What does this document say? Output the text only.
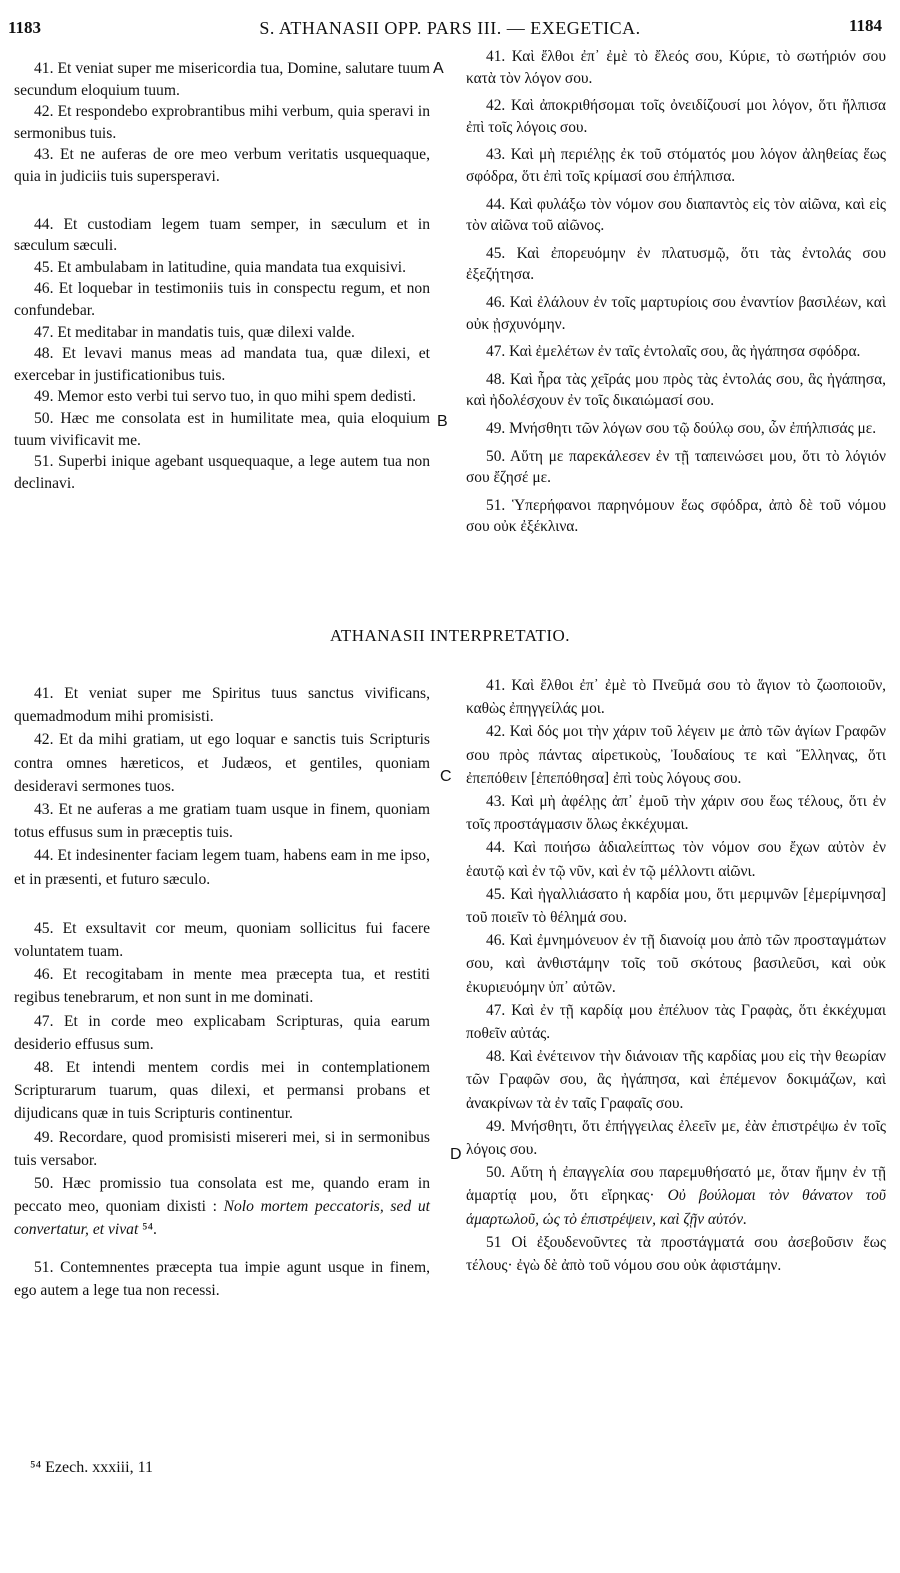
1183	S. ATHANASII OPP. PARS III. — EXEGETICA.	1184

41. Et veniat super me misericordia tua, Domine, salutare tuum secundum eloquium tuum.

42. Et respondebo exprobrantibus mihi verbum, quia speravi in sermonibus tuis.

43. Et ne auferas de ore meo verbum veritatis usquequaque, quia in judiciis tuis supersperavi.

44. Et custodiam legem tuam semper, in sæculum et in sæculum sæculi.

45. Et ambulabam in latitudine, quia mandata tua exquisivi.

46. Et loquebar in testimoniis tuis in conspectu regum, et non confundebar.

47. Et meditabar in mandatis tuis, quæ dilexi valde.

48. Et levavi manus meas ad mandata tua, quæ dilexi, et exercebar in justificationibus tuis.

49. Memor esto verbi tui servo tuo, in quo mihi spem dedisti.

50. Hæc me consolata est in humilitate mea, quia eloquium tuum vivificavit me.

51. Superbi inique agebant usquequaque, a lege autem tua non declinavi.

41. Καὶ ἔλθοι ἐπ᾿ ἐμὲ τὸ ἔλεός σου, Κύριε, τὸ σωτήριόν σου κατὰ τὸν λόγον σου.

42. Καὶ ἀποκριθήσομαι τοῖς ὀνειδίζουσί μοι λόγον, ὅτι ἤλπισα ἐπὶ τοῖς λόγοις σου.

43. Καὶ μὴ περιέλῃς ἐκ τοῦ στόματός μου λόγον ἀληθείας ἕως σφόδρα, ὅτι ἐπὶ τοῖς κρίμασί σου ἐπήλπισα.

44. Καὶ φυλάξω τὸν νόμον σου διαπαντὸς εἰς τὸν αἰῶνα, καὶ εἰς τὸν αἰῶνα τοῦ αἰῶνος.

45. Καὶ ἐπορευόμην ἐν πλατυσμῷ, ὅτι τὰς ἐντολάς σου ἐξεζήτησα.

46. Καὶ ἐλάλουν ἐν τοῖς μαρτυρίοις σου ἐναντίον βασιλέων, καὶ οὐκ ᾐσχυνόμην.

47. Καὶ ἐμελέτων ἐν ταῖς ἐντολαῖς σου, ἃς ἠγάπησα σφόδρα.

48. Καὶ ἦρα τὰς χεῖράς μου πρὸς τὰς ἐντολάς σου, ἃς ἠγάπησα, καὶ ἠδολέσχουν ἐν τοῖς δικαιώμασί σου.

49. Μνήσθητι τῶν λόγων σου τῷ δούλῳ σου, ὧν ἐπήλπισάς με.

50. Αὕτη με παρεκάλεσεν ἐν τῇ ταπεινώσει μου, ὅτι τὸ λόγιόν σου ἔζησέ με.

51. Ὑπερήφανοι παρηνόμουν ἕως σφόδρα, ἀπὸ δὲ τοῦ νόμου σου οὐκ ἐξέκλινα.

A
B
ATHANASII INTERPRETATIO.

41. Et veniat super me Spiritus tuus sanctus vivificans, quemadmodum mihi promisisti.

42. Et da mihi gratiam, ut ego loquar e sanctis tuis Scripturis contra omnes hæreticos, et Judæos, et gentiles, quoniam desideravi sermones tuos.

43. Et ne auferas a me gratiam tuam usque in finem, quoniam totus effusus sum in præceptis tuis.

44. Et indesinenter faciam legem tuam, habens eam in me ipso, et in præsenti, et futuro sæculo.

45. Et exsultavit cor meum, quoniam sollicitus fui facere voluntatem tuam.

46. Et recogitabam in mente mea præcepta tua, et restiti regibus tenebrarum, et non sunt in me dominati.

47. Et in corde meo explicabam Scripturas, quia earum desiderio effusus sum.

48. Et intendi mentem cordis mei in contemplationem Scripturarum tuarum, quas dilexi, et permansi probans et dijudicans quæ in tuis Scripturis continentur.

49. Recordare, quod promisisti misereri mei, si in sermonibus tuis versabor.

50. Hæc promissio tua consolata est me, quando eram in peccato meo, quoniam dixisti : Nolo mortem peccatoris, sed ut convertatur, et vivat ⁵⁴.

51. Contemnentes præcepta tua impie agunt usque in finem, ego autem a lege tua non recessi.

41. Καὶ ἔλθοι ἐπ᾿ ἐμὲ τὸ Πνεῦμά σου τὸ ἅγιον τὸ ζωοποιοῦν, καθὼς ἐπηγγείλάς μοι.

42. Καὶ δός μοι τὴν χάριν τοῦ λέγειν με ἀπὸ τῶν ἁγίων Γραφῶν σου πρὸς πάντας αἱρετικοὺς, Ἰουδαίους τε καὶ Ἕλληνας, ὅτι ἐπεπόθειν [ἐπεπόθησα] ἐπὶ τοὺς λόγους σου.

43. Καὶ μὴ ἀφέλῃς ἀπ᾿ ἐμοῦ τὴν χάριν σου ἕως τέλους, ὅτι ἐν τοῖς προστάγμασιν ὅλως ἐκκέχυμαι.

44. Καὶ ποιήσω ἀδιαλείπτως τὸν νόμον σου ἔχων αὐτὸν ἐν ἑαυτῷ καὶ ἐν τῷ νῦν, καὶ ἐν τῷ μέλλοντι αἰῶνι.

45. Καὶ ἠγαλλιάσατο ἡ καρδία μου, ὅτι μεριμνῶν [ἐμερίμνησα] τοῦ ποιεῖν τὸ θέλημά σου.

46. Καὶ ἐμνημόνευον ἐν τῇ διανοίᾳ μου ἀπὸ τῶν προσταγμάτων σου, καὶ ἀνθιστάμην τοῖς τοῦ σκότους βασιλεῦσι, καὶ οὐκ ἐκυριευόμην ὑπ᾿ αὐτῶν.

47. Καὶ ἐν τῇ καρδίᾳ μου ἐπέλυον τὰς Γραφὰς, ὅτι ἐκκέχυμαι ποθεῖν αὐτάς.

48. Καὶ ἐνέτεινον τὴν διάνοιαν τῆς καρδίας μου εἰς τὴν θεωρίαν τῶν Γραφῶν σου, ἃς ἠγάπησα, καὶ ἐπέμενον δοκιμάζων, καὶ ἀνακρίνων τὰ ἐν ταῖς Γραφαῖς σου.

49. Μνήσθητι, ὅτι ἐπήγγειλας ἐλεεῖν με, ἐὰν ἐπιστρέψω ἐν τοῖς λόγοις σου.

50. Αὕτη ἡ ἐπαγγελία σου παρεμυθήσατό με, ὅταν ἤμην ἐν τῇ ἁμαρτίᾳ μου, ὅτι εἴρηκας· Οὐ βούλομαι τὸν θάνατον τοῦ ἁμαρτωλοῦ, ὡς τὸ ἐπιστρέψειν, καὶ ζῇν αὐτόν.

51 Οἱ ἐξουδενοῦντες τὰ προστάγματά σου ἀσεβοῦσιν ἕως τέλους· ἐγὼ δὲ ἀπὸ τοῦ νόμου σου οὐκ ἀφιστάμην.

C
D
⁵⁴ Ezech. xxxiii, 11
